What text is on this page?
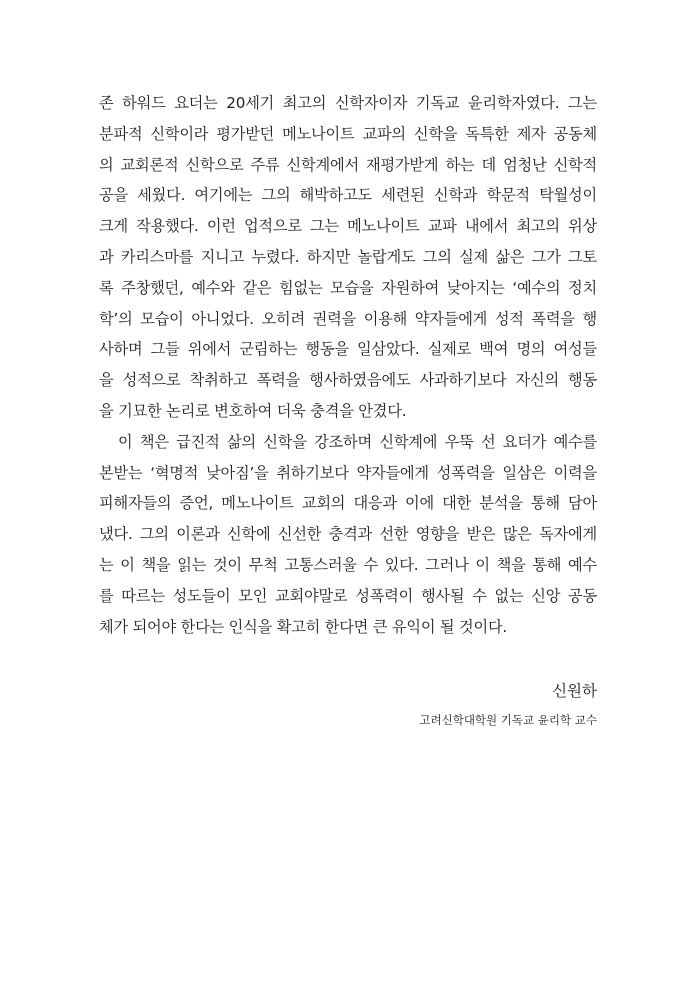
존 하워드 요더는 20세기 최고의 신학자이자 기독교 윤리학자였다. 그는
분파적 신학이라 평가받던 메노나이트 교파의 신학을 독특한 제자 공동체
의 교회론적 신학으로 주류 신학계에서 재평가받게 하는 데 엄청난 신학적
공을 세웠다. 여기에는 그의 해박하고도 세련된 신학과 학문적 탁월성이
크게 작용했다. 이런 업적으로 그는 메노나이트 교파 내에서 최고의 위상
과 카리스마를 지니고 누렸다. 하지만 놀랍게도 그의 실제 삶은 그가 그토
록 주창했던, 예수와 같은 힘없는 모습을 자원하여 낮아지는 ‘예수의 정치
학’의 모습이 아니었다. 오히려 권력을 이용해 약자들에게 성적 폭력을 행
사하며 그들 위에서 군림하는 행동을 일삼았다. 실제로 백여 명의 여성들
을 성적으로 착취하고 폭력을 행사하였음에도 사과하기보다 자신의 행동
을 기묘한 논리로 변호하여 더욱 충격을 안겼다.
이 책은 급진적 삶의 신학을 강조하며 신학계에 우뚝 선 요더가 예수를
본받는 ‘혁명적 낮아짐’을 취하기보다 약자들에게 성폭력을 일삼은 이력을
피해자들의 증언, 메노나이트 교회의 대응과 이에 대한 분석을 통해 담아
냈다. 그의 이론과 신학에 신선한 충격과 선한 영향을 받은 많은 독자에게
는 이 책을 읽는 것이 무척 고통스러울 수 있다. 그러나 이 책을 통해 예수
를 따르는 성도들이 모인 교회야말로 성폭력이 행사될 수 없는 신앙 공동
체가 되어야 한다는 인식을 확고히 한다면 큰 유익이 될 것이다.
신원하
고려신학대학원 기독교 윤리학 교수
